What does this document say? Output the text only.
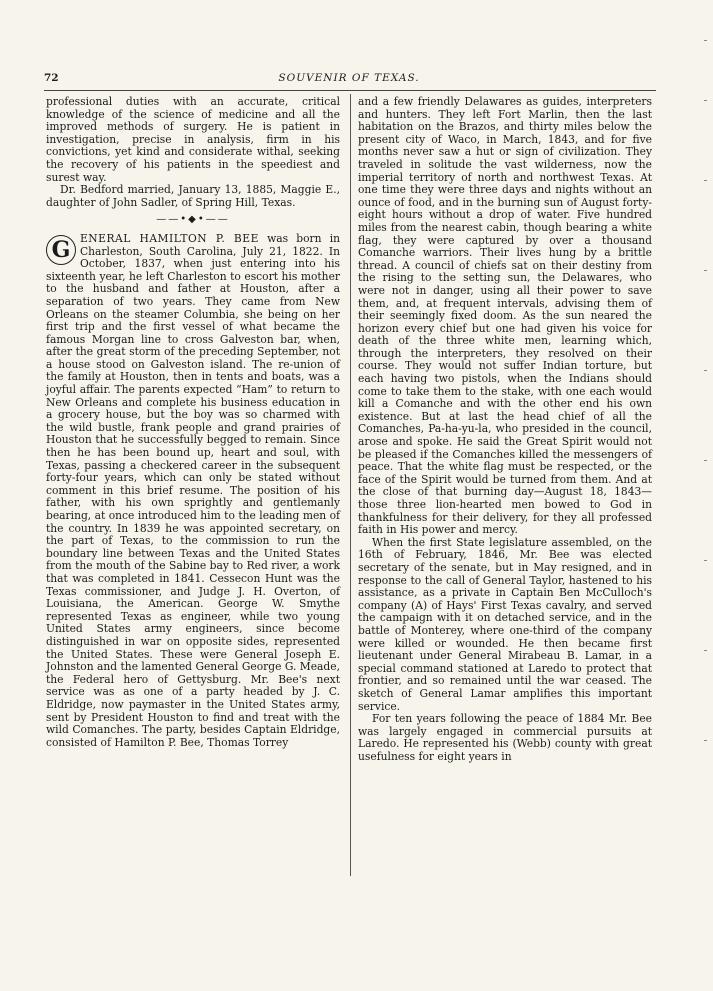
72	SOUVENIR OF TEXAS.

professional duties with an accurate, critical knowledge of the science of medicine and all the improved methods of surgery. He is patient in investigation, precise in analysis, firm in his convictions, yet kind and considerate withal, seeking the recovery of his patients in the speediest and surest way.

Dr. Bedford married, January 13, 1885, Maggie E., daughter of John Sadler, of Spring Hill, Texas.

——•◆•——
G ENERAL HAMILTON P. BEE was born in Charleston, South Carolina, July 21, 1822. In October, 1837, when just entering into his sixteenth year, he left Charleston to escort his mother to the husband and father at Houston, after a separation of two years. They came from New Orleans on the steamer Columbia, she being on her first trip and the first vessel of what became the famous Morgan line to cross Galveston bar, when, after the great storm of the preceding September, not a house stood on Galveston island. The re-union of the family at Houston, then in tents and boats, was a joyful affair. The parents expected “Ham” to return to New Orleans and complete his business education in a grocery house, but the boy was so charmed with the wild bustle, frank people and grand prairies of Houston that he successfully begged to remain. Since then he has been bound up, heart and soul, with Texas, passing a checkered career in the subsequent forty-four years, which can only be stated without comment in this brief resume. The position of his father, with his own sprightly and gentlemanly bearing, at once introduced him to the leading men of the country. In 1839 he was appointed secretary, on the part of Texas, to the commission to run the boundary line between Texas and the United States from the mouth of the Sabine bay to Red river, a work that was completed in 1841. Cessecon Hunt was the Texas commissioner, and Judge J. H. Overton, of Louisiana, the American. George W. Smythe represented Texas as engineer, while two young United States army engineers, since become distinguished in war on opposite sides, represented the United States. These were General Joseph E. Johnston and the lamented General George G. Meade, the Federal hero of Gettysburg. Mr. Bee's next service was as one of a party headed by J. C. Eldridge, now paymaster in the United States army, sent by President Houston to find and treat with the wild Comanches. The party, besides Captain Eldridge, consisted of Hamilton P. Bee, Thomas Torrey

and a few friendly Delawares as guides, interpreters and hunters. They left Fort Marlin, then the last habitation on the Brazos, and thirty miles below the present city of Waco, in March, 1843, and for five months never saw a hut or sign of civilization. They traveled in solitude the vast wilderness, now the imperial territory of north and northwest Texas. At one time they were three days and nights without an ounce of food, and in the burning sun of August forty-eight hours without a drop of water. Five hundred miles from the nearest cabin, though bearing a white flag, they were captured by over a thousand Comanche warriors. Their lives hung by a brittle thread. A council of chiefs sat on their destiny from the rising to the setting sun, the Delawares, who were not in danger, using all their power to save them, and, at frequent intervals, advising them of their seemingly fixed doom. As the sun neared the horizon every chief but one had given his voice for death of the three white men, learning which, through the interpreters, they resolved on their course. They would not suffer Indian torture, but each having two pistols, when the Indians should come to take them to the stake, with one each would kill a Comanche and with the other end his own existence. But at last the head chief of all the Comanches, Pa-ha-yu-la, who presided in the council, arose and spoke. He said the Great Spirit would not be pleased if the Comanches killed the messengers of peace. That the white flag must be respected, or the face of the Spirit would be turned from them. And at the close of that burning day—August 18, 1843—those three lion-hearted men bowed to God in thankfulness for their delivery, for they all professed faith in His power and mercy.

When the first State legislature assembled, on the 16th of February, 1846, Mr. Bee was elected secretary of the senate, but in May resigned, and in response to the call of General Taylor, hastened to his assistance, as a private in Captain Ben McCulloch's company (A) of Hays' First Texas cavalry, and served the campaign with it on detached service, and in the battle of Monterey, where one-third of the company were killed or wounded. He then became first lieutenant under General Mirabeau B. Lamar, in a special command stationed at Laredo to protect that frontier, and so remained until the war ceased. The sketch of General Lamar amplifies this important service.

For ten years following the peace of 1884 Mr. Bee was largely engaged in commercial pursuits at Laredo. He represented his (Webb) county with great usefulness for eight years in
